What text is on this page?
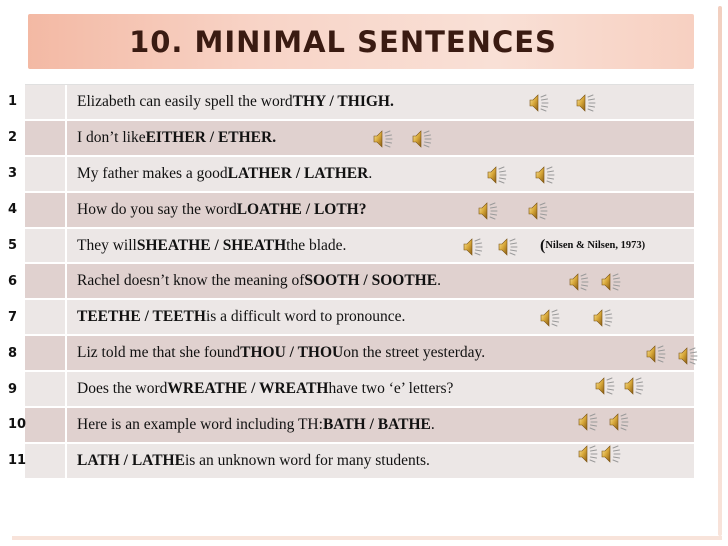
10. MINIMAL SENTENCES
1	Elizabeth can easily spell the word THY / THIGH.
2	I don’t like EITHER / ETHER.
3	My father makes a good LATHER / LATHER .
4	How do you say the word LOATHE / LOTH?
5	They will SHEATHE / SHEATH the blade.	( Nilsen & Nilsen, 1973)
6	Rachel doesn’t know the meaning of SOOTH / SOOTHE .
7	TEETHE / TEETH is a difficult word to pronounce.
8	Liz told me that she found THOU / THOU on the street yesterday.
9	Does the word WREATHE / WREATH have two ‘e’ letters?
10	Here is an example word including TH: BATH / BATHE .
11	LATH / LATHE is an unknown word for many students.
